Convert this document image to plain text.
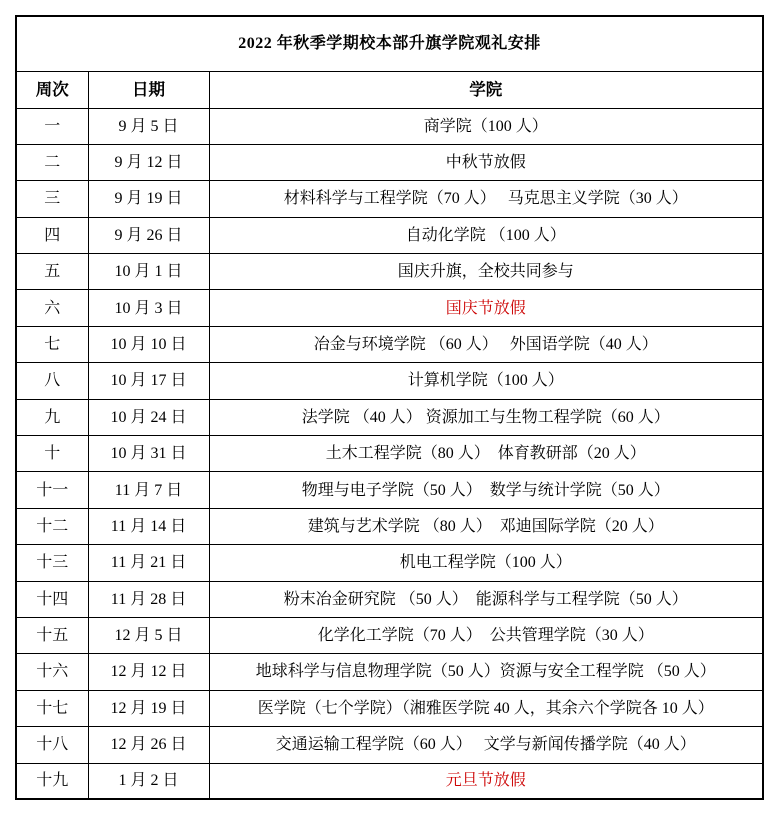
2022 年秋季学期校本部升旗学院观礼安排		
周次	日期	学院
一	9 月 5 日	商学院（100 人）
二	9 月 12 日	中秋节放假
三	9 月 19 日	材料科学与工程学院（70 人）　 马克思主义学院（30 人）
四	9 月 26 日	自动化学院 （100 人）
五	10 月 1 日	国庆升旗，全校共同参与
六	10 月 3 日	国庆节放假
七	10 月 10 日	冶金与环境学院 （60 人）　 外国语学院（40 人）
八	10 月 17 日	计算机学院（100 人）
九	10 月 24 日	法学院 （40 人） 资源加工与生物工程学院（60 人）
十	10 月 31 日	土木工程学院（80 人）  体育教研部（20 人）
十一	11 月 7 日	物理与电子学院（50 人）  数学与统计学院（50 人）
十二	11 月 14 日	建筑与艺术学院 （80 人）  邓迪国际学院（20 人）
十三	11 月 21 日	机电工程学院（100 人）
十四	11 月 28 日	粉末冶金研究院 （50 人）  能源科学与工程学院（50 人）
十五	12 月 5 日	化学化工学院（70 人）  公共管理学院（30 人）
十六	12 月 12 日	地球科学与信息物理学院（50 人）资源与安全工程学院 （50 人）
十七	12 月 19 日	医学院（七个学院）（湘雅医学院 40 人，其余六个学院各 10 人）
十八	12 月 26 日	交通运输工程学院（60 人）　 文学与新闻传播学院（40 人）
十九	1 月 2 日	元旦节放假
